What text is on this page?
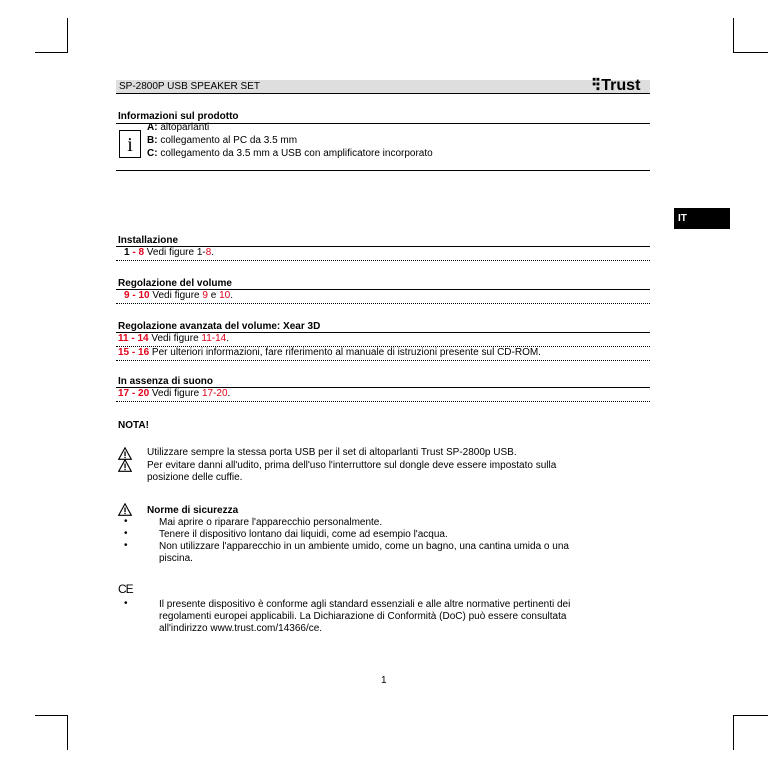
SP-2800P USB SPEAKER SET	Trust
IT
Informazioni sul prodotto
i
A: altoparlanti
B: collegamento al PC da 3.5 mm
C: collegamento da 3.5 mm a USB con amplificatore incorporato
Installazione
1 - 8 Vedi figure 1-8.
Regolazione del volume
9 - 10 Vedi figure 9 e 10.
Regolazione avanzata del volume: Xear 3D
11 - 14 Vedi figure 11-14.
15 - 16 Per ulteriori informazioni, fare riferimento al manuale di istruzioni presente sul CD-ROM.
In assenza di suono
17 - 20 Vedi figure 17-20.
NOTA!
Utilizzare sempre la stessa porta USB per il set di altoparlanti Trust SP-2800p USB.
Per evitare danni all'udito, prima dell'uso l'interruttore sul dongle deve essere impostato sulla
posizione delle cuffie.
Norme di sicurezza
•	Mai aprire o riparare l'apparecchio personalmente.
•	Tenere il dispositivo lontano dai liquidi, come ad esempio l'acqua.
•	Non utilizzare l'apparecchio in un ambiente umido, come un bagno, una cantina umida o una
piscina.
CE
•	Il presente dispositivo è conforme agli standard essenziali e alle altre normative pertinenti dei
regolamenti europei applicabili. La Dichiarazione di Conformità (DoC) può essere consultata
all'indirizzo www.trust.com/14366/ce.
1
